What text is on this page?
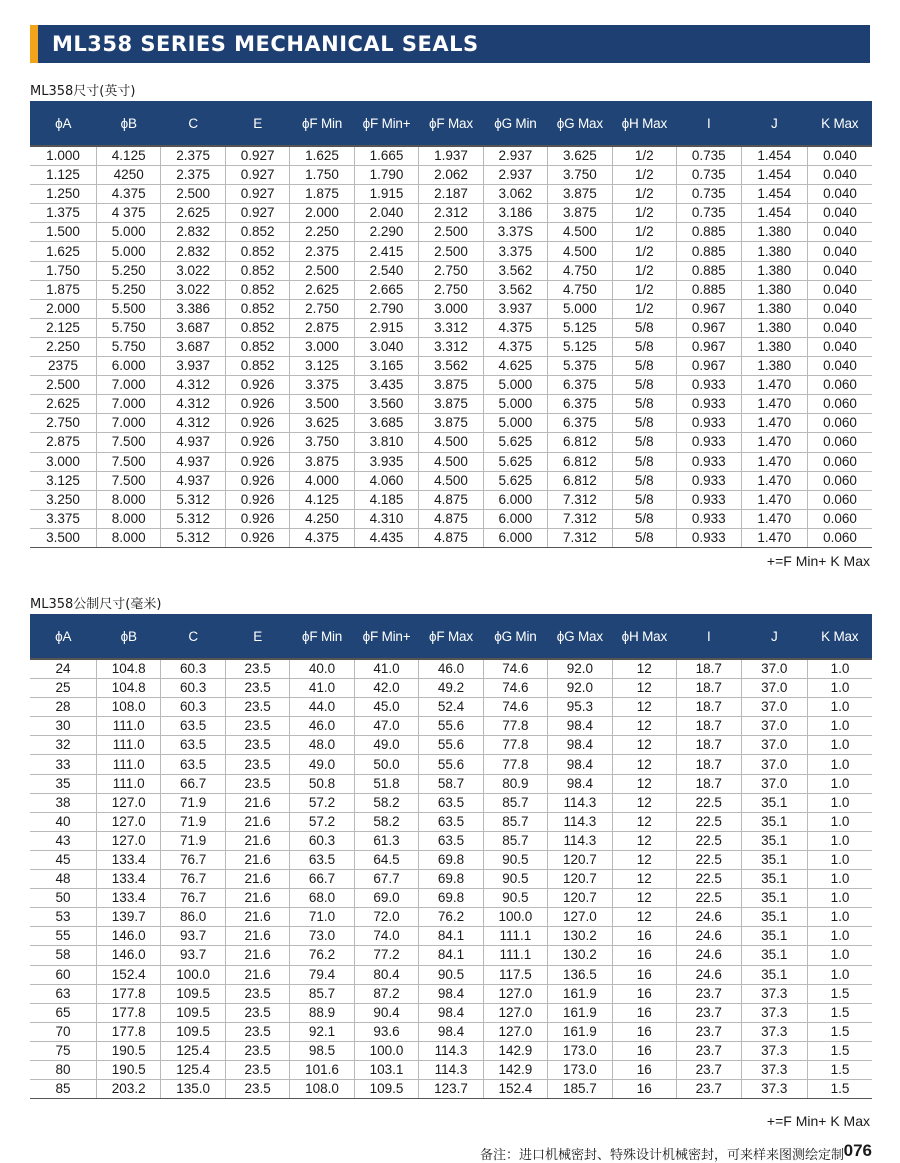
ML358 SERIES MECHANICAL SEALS
ML358尺寸(英寸)
ϕA	ϕB	C	E	ϕF Min	ϕF Min+	ϕF Max	ϕG Min	ϕG Max	ϕH Max	I	J	K Max
1.000	4.125	2.375	0.927	1.625	1.665	1.937	2.937	3.625	1/2	0.735	1.454	0.040
1.125	4250	2.375	0.927	1.750	1.790	2.062	2.937	3.750	1/2	0.735	1.454	0.040
1.250	4.375	2.500	0.927	1.875	1.915	2.187	3.062	3.875	1/2	0.735	1.454	0.040
1.375	4 375	2.625	0.927	2.000	2.040	2.312	3.186	3.875	1/2	0.735	1.454	0.040
1.500	5.000	2.832	0.852	2.250	2.290	2.500	3.37S	4.500	1/2	0.885	1.380	0.040
1.625	5.000	2.832	0.852	2.375	2.415	2.500	3.375	4.500	1/2	0.885	1.380	0.040
1.750	5.250	3.022	0.852	2.500	2.540	2.750	3.562	4.750	1/2	0.885	1.380	0.040
1.875	5.250	3.022	0.852	2.625	2.665	2.750	3.562	4.750	1/2	0.885	1.380	0.040
2.000	5.500	3.386	0.852	2.750	2.790	3.000	3.937	5.000	1/2	0.967	1.380	0.040
2.125	5.750	3.687	0.852	2.875	2.915	3.312	4.375	5.125	5/8	0.967	1.380	0.040
2.250	5.750	3.687	0.852	3.000	3.040	3.312	4.375	5.125	5/8	0.967	1.380	0.040
2375	6.000	3.937	0.852	3.125	3.165	3.562	4.625	5.375	5/8	0.967	1.380	0.040
2.500	7.000	4.312	0.926	3.375	3.435	3.875	5.000	6.375	5/8	0.933	1.470	0.060
2.625	7.000	4.312	0.926	3.500	3.560	3.875	5.000	6.375	5/8	0.933	1.470	0.060
2.750	7.000	4.312	0.926	3.625	3.685	3.875	5.000	6.375	5/8	0.933	1.470	0.060
2.875	7.500	4.937	0.926	3.750	3.810	4.500	5.625	6.812	5/8	0.933	1.470	0.060
3.000	7.500	4.937	0.926	3.875	3.935	4.500	5.625	6.812	5/8	0.933	1.470	0.060
3.125	7.500	4.937	0.926	4.000	4.060	4.500	5.625	6.812	5/8	0.933	1.470	0.060
3.250	8.000	5.312	0.926	4.125	4.185	4.875	6.000	7.312	5/8	0.933	1.470	0.060
3.375	8.000	5.312	0.926	4.250	4.310	4.875	6.000	7.312	5/8	0.933	1.470	0.060
3.500	8.000	5.312	0.926	4.375	4.435	4.875	6.000	7.312	5/8	0.933	1.470	0.060
+=F Min+ K Max
ML358公制尺寸(毫米)
ϕA	ϕB	C	E	ϕF Min	ϕF Min+	ϕF Max	ϕG Min	ϕG Max	ϕH Max	I	J	K Max
24	104.8	60.3	23.5	40.0	41.0	46.0	74.6	92.0	12	18.7	37.0	1.0
25	104.8	60.3	23.5	41.0	42.0	49.2	74.6	92.0	12	18.7	37.0	1.0
28	108.0	60.3	23.5	44.0	45.0	52.4	74.6	95.3	12	18.7	37.0	1.0
30	111.0	63.5	23.5	46.0	47.0	55.6	77.8	98.4	12	18.7	37.0	1.0
32	111.0	63.5	23.5	48.0	49.0	55.6	77.8	98.4	12	18.7	37.0	1.0
33	111.0	63.5	23.5	49.0	50.0	55.6	77.8	98.4	12	18.7	37.0	1.0
35	111.0	66.7	23.5	50.8	51.8	58.7	80.9	98.4	12	18.7	37.0	1.0
38	127.0	71.9	21.6	57.2	58.2	63.5	85.7	114.3	12	22.5	35.1	1.0
40	127.0	71.9	21.6	57.2	58.2	63.5	85.7	114.3	12	22.5	35.1	1.0
43	127.0	71.9	21.6	60.3	61.3	63.5	85.7	114.3	12	22.5	35.1	1.0
45	133.4	76.7	21.6	63.5	64.5	69.8	90.5	120.7	12	22.5	35.1	1.0
48	133.4	76.7	21.6	66.7	67.7	69.8	90.5	120.7	12	22.5	35.1	1.0
50	133.4	76.7	21.6	68.0	69.0	69.8	90.5	120.7	12	22.5	35.1	1.0
53	139.7	86.0	21.6	71.0	72.0	76.2	100.0	127.0	12	24.6	35.1	1.0
55	146.0	93.7	21.6	73.0	74.0	84.1	111.1	130.2	16	24.6	35.1	1.0
58	146.0	93.7	21.6	76.2	77.2	84.1	111.1	130.2	16	24.6	35.1	1.0
60	152.4	100.0	21.6	79.4	80.4	90.5	117.5	136.5	16	24.6	35.1	1.0
63	177.8	109.5	23.5	85.7	87.2	98.4	127.0	161.9	16	23.7	37.3	1.5
65	177.8	109.5	23.5	88.9	90.4	98.4	127.0	161.9	16	23.7	37.3	1.5
70	177.8	109.5	23.5	92.1	93.6	98.4	127.0	161.9	16	23.7	37.3	1.5
75	190.5	125.4	23.5	98.5	100.0	114.3	142.9	173.0	16	23.7	37.3	1.5
80	190.5	125.4	23.5	101.6	103.1	114.3	142.9	173.0	16	23.7	37.3	1.5
85	203.2	135.0	23.5	108.0	109.5	123.7	152.4	185.7	16	23.7	37.3	1.5
+=F Min+ K Max
备注：进口机械密封、特殊设计机械密封，可来样来图测绘定制 076
